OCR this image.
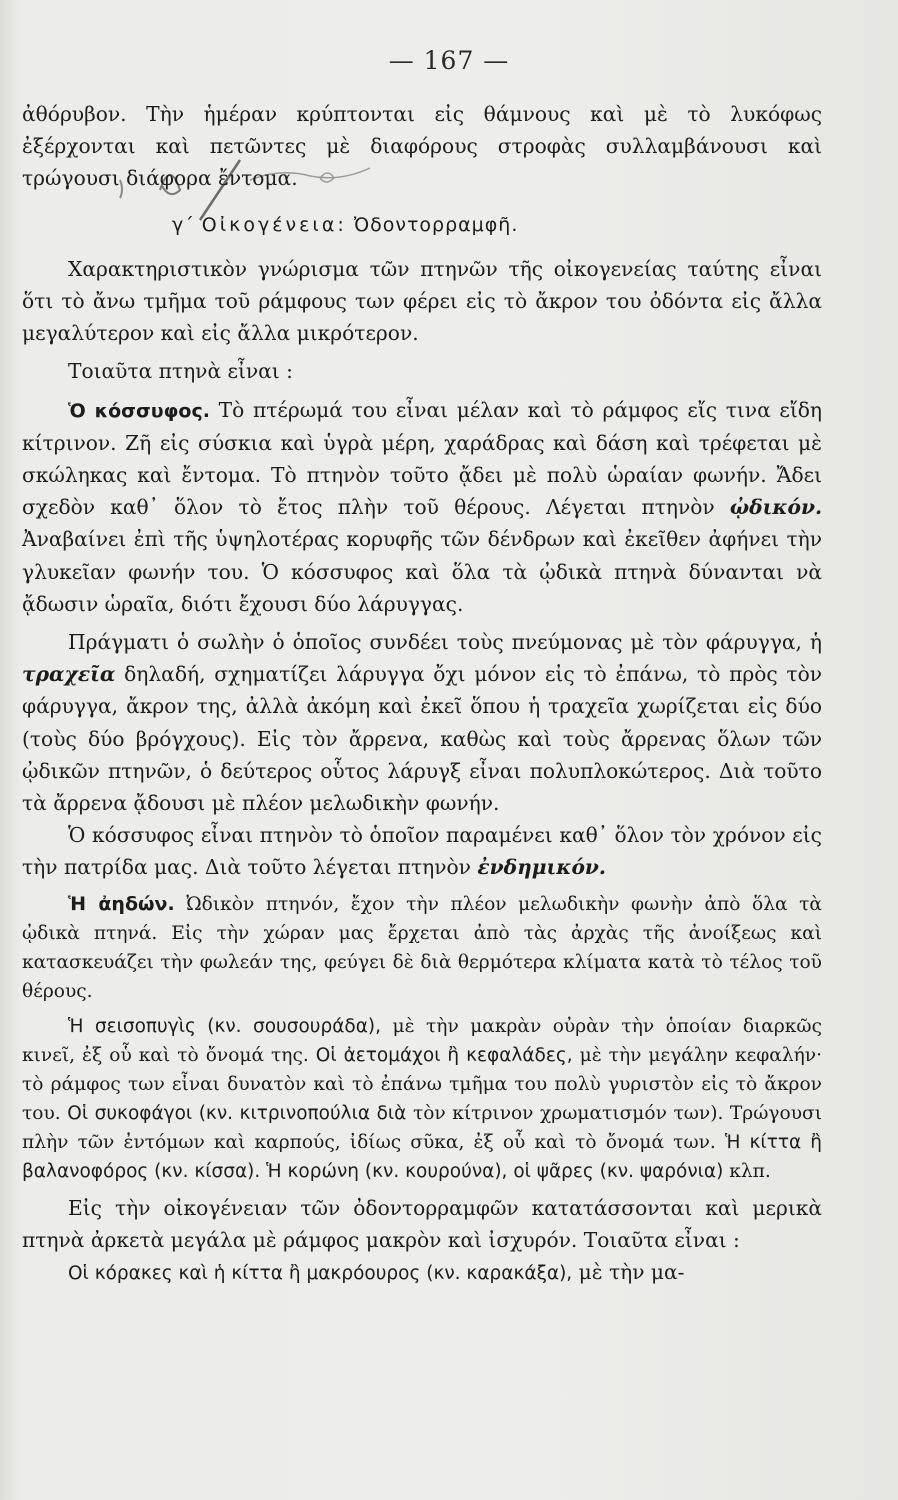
— 167 —

ἀθόρυβον. Τὴν ἡμέραν κρύπτονται εἰς θάμνους καὶ μὲ τὸ λυκόφως ἐξέρχονται καὶ πετῶντες μὲ διαφόρους στροφὰς συλλαμβάνουσι καὶ τρώγουσι διάφορα ἔντομα.

γ΄ Οἰκογένεια: Ὀδοντορραμφῆ.

Χαρακτηριστικὸν γνώρισμα τῶν πτηνῶν τῆς οἰκογενείας ταύτης εἶναι ὅτι τὸ ἄνω τμῆμα τοῦ ράμφους των φέρει εἰς τὸ ἄκρον του ὀδόντα εἰς ἄλλα μεγαλύτερον καὶ εἰς ἄλλα μικρότερον.

Τοιαῦτα πτηνὰ εἶναι :

Ὁ κόσσυφος. Τὸ πτέρωμά του εἶναι μέλαν καὶ τὸ ράμφος εἴς τινα εἴδη κίτρινον. Ζῆ εἰς σύσκια καὶ ὑγρὰ μέρη, χαράδρας καὶ δάση καὶ τρέφεται μὲ σκώληκας καὶ ἔντομα. Τὸ πτηνὸν τοῦτο ᾄδει μὲ πολὺ ὡραίαν φωνήν. Ἄδει σχεδὸν καθ᾽ ὅλον τὸ ἔτος πλὴν τοῦ θέρους. Λέγεται πτηνὸν ᾠδικόν. Ἀναβαίνει ἐπὶ τῆς ὑψηλοτέρας κορυφῆς τῶν δένδρων καὶ ἐκεῖθεν ἀφήνει τὴν γλυκεῖαν φωνήν του. Ὁ κόσσυφος καὶ ὅλα τὰ ᾠδικὰ πτηνὰ δύνανται νὰ ᾄδωσιν ὡραῖα, διότι ἔχουσι δύο λάρυγγας.

Πράγματι ὁ σωλὴν ὁ ὁποῖος συνδέει τοὺς πνεύμονας μὲ τὸν φάρυγγα, ἡ τραχεῖα δηλαδή, σχηματίζει λάρυγγα ὄχι μόνον εἰς τὸ ἐπάνω, τὸ πρὸς τὸν φάρυγγα, ἄκρον της, ἀλλὰ ἀκόμη καὶ ἐκεῖ ὅπου ἡ τραχεῖα χωρίζεται εἰς δύο (τοὺς δύο βρόγχους). Εἰς τὸν ἄρρενα, καθὼς καὶ τοὺς ἄρρενας ὅλων τῶν ᾠδικῶν πτηνῶν, ὁ δεύτερος οὗτος λάρυγξ εἶναι πολυπλοκώτερος. Διὰ τοῦτο τὰ ἄρρενα ᾄδουσι μὲ πλέον μελωδικὴν φωνήν.

Ὁ κόσσυφος εἶναι πτηνὸν τὸ ὁποῖον παραμένει καθ᾽ ὅλον τὸν χρόνον εἰς τὴν πατρίδα μας. Διὰ τοῦτο λέγεται πτηνὸν ἐνδημικόν.

Ἡ ἀηδών. Ὠδικὸν πτηνόν, ἔχον τὴν πλέον μελωδικὴν φωνὴν ἀπὸ ὅλα τὰ ᾠδικὰ πτηνά. Εἰς τὴν χώραν μας ἔρχεται ἀπὸ τὰς ἀρχὰς τῆς ἀνοίξεως καὶ κατασκευάζει τὴν φωλεάν της, φεύγει δὲ διὰ θερμότερα κλίματα κατὰ τὸ τέλος τοῦ θέρους.

Ἡ σεισοπυγὶς (κν. σουσουράδα), μὲ τὴν μακρὰν οὐρὰν τὴν ὁποίαν διαρκῶς κινεῖ, ἐξ οὗ καὶ τὸ ὄνομά της. Οἱ ἀετομάχοι ἢ κεφαλάδες, μὲ τὴν μεγάλην κεφαλήν· τὸ ράμφος των εἶναι δυνατὸν καὶ τὸ ἐπάνω τμῆμα του πολὺ γυριστὸν εἰς τὸ ἄκρον του. Οἱ συκοφάγοι (κν. κιτρινοπούλια διὰ τὸν κίτρινον χρωματισμόν των). Τρώγουσι πλὴν τῶν ἐντόμων καὶ καρπούς, ἰδίως σῦκα, ἐξ οὗ καὶ τὸ ὄνομά των. Ἡ κίττα ἢ βαλανοφόρος (κν. κίσσα). Ἡ κορώνη (κν. κουρούνα), οἱ ψᾶρες (κν. ψαρόνια) κλπ.

Εἰς τὴν οἰκογένειαν τῶν ὀδοντορραμφῶν κατατάσσονται καὶ μερικὰ πτηνὰ ἀρκετὰ μεγάλα μὲ ράμφος μακρὸν καὶ ἰσχυρόν. Τοιαῦτα εἶναι :

Οἱ κόρακες καὶ ἡ κίττα ἢ μακρόουρος (κν. καρακάξα), μὲ τὴν μα-
